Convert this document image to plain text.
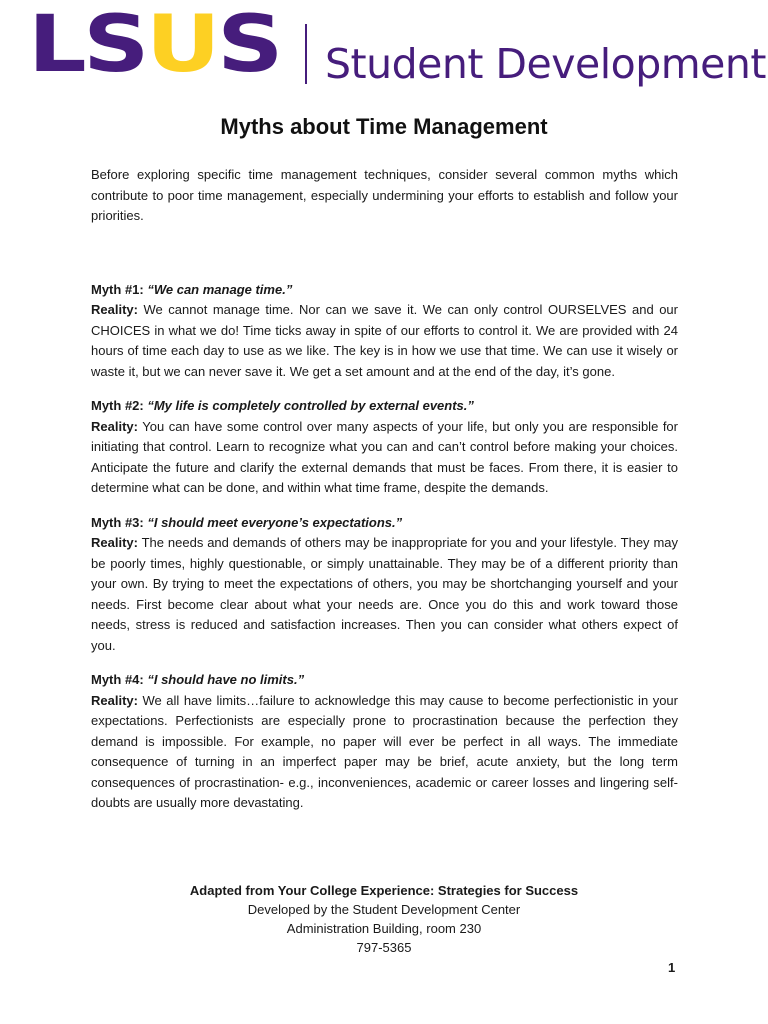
LSUS Student Development
Myths about Time Management

Before exploring specific time management techniques, consider several common myths which contribute to poor time management, especially undermining your efforts to establish and follow your priorities.

Myth #1: “We can manage time.”

Reality: We cannot manage time. Nor can we save it. We can only control OURSELVES and our CHOICES in what we do! Time ticks away in spite of our efforts to control it. We are provided with 24 hours of time each day to use as we like. The key is in how we use that time. We can use it wisely or waste it, but we can never save it. We get a set amount and at the end of the day, it’s gone.

Myth #2: “My life is completely controlled by external events.”

Reality: You can have some control over many aspects of your life, but only you are responsible for initiating that control. Learn to recognize what you can and can’t control before making your choices. Anticipate the future and clarify the external demands that must be faces. From there, it is easier to determine what can be done, and within what time frame, despite the demands.

Myth #3: “I should meet everyone’s expectations.”

Reality: The needs and demands of others may be inappropriate for you and your lifestyle. They may be poorly times, highly questionable, or simply unattainable. They may be of a different priority than your own. By trying to meet the expectations of others, you may be shortchanging yourself and your needs. First become clear about what your needs are. Once you do this and work toward those needs, stress is reduced and satisfaction increases. Then you can consider what others expect of you.

Myth #4: “I should have no limits.”

Reality: We all have limits…failure to acknowledge this may cause to become perfectionistic in your expectations. Perfectionists are especially prone to procrastination because the perfection they demand is impossible. For example, no paper will ever be perfect in all ways. The immediate consequence of turning in an imperfect paper may be brief, acute anxiety, but the long term consequences of procrastination- e.g., inconveniences, academic or career losses and lingering self-doubts are usually more devastating.

Adapted from Your College Experience: Strategies for Success
Developed by the Student Development Center
Administration Building, room 230
797-5365
1
